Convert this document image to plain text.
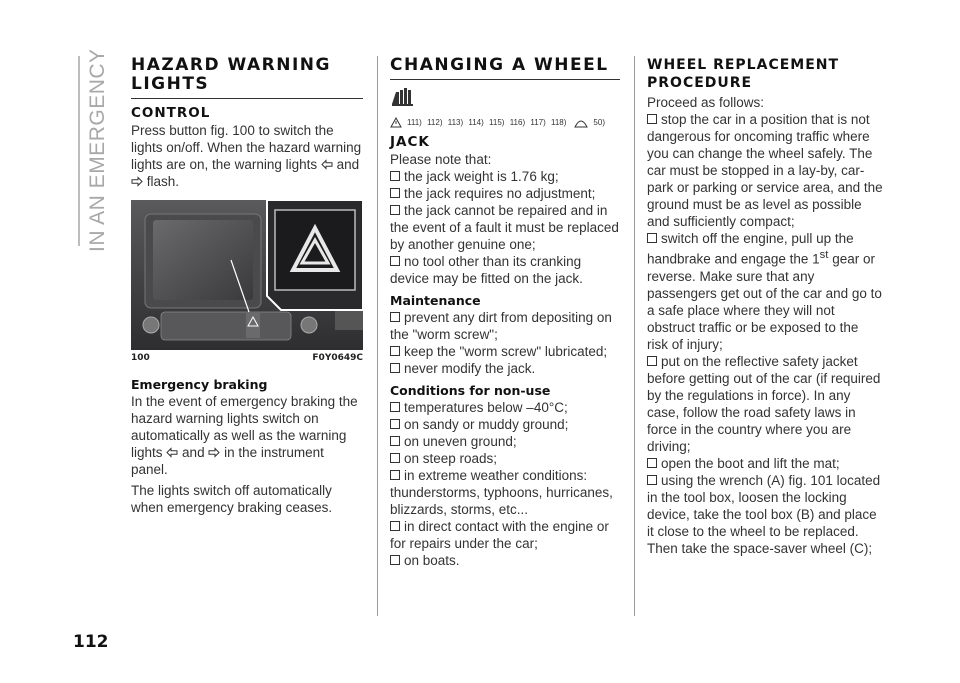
IN AN EMERGENCY
112
HAZARD WARNING LIGHTS
CONTROL

Press button fig. 100 to switch the lights on/off. When the hazard warning lights are on, the warning lights and
flash.

100	F0Y0649C
Emergency braking

In the event of emergency braking the hazard warning lights switch on automatically as well as the warning lights and in the instrument panel.

The lights switch off automatically when emergency braking ceases.

CHANGING A WHEEL
111) 112) 113) 114) 115) 116) 117) 118)	50)
JACK

Please note that:

the jack weight is 1.76 kg;
the jack requires no adjustment;
the jack cannot be repaired and in the event of a fault it must be replaced by another genuine one;
no tool other than its cranking device may be fitted on the jack.
Maintenance
prevent any dirt from depositing on the "worm screw";
keep the "worm screw" lubricated;
never modify the jack.
Conditions for non-use
temperatures below –40°C;
on sandy or muddy ground;
on uneven ground;
on steep roads;
in extreme weather conditions: thunderstorms, typhoons, hurricanes, blizzards, storms, etc...
in direct contact with the engine or for repairs under the car;
on boats.
WHEEL REPLACEMENT PROCEDURE

Proceed as follows:

stop the car in a position that is not dangerous for oncoming traffic where you can change the wheel safely. The car must be stopped in a lay-by, car-park or parking or service area, and the ground must be as level as possible and sufficiently compact;
switch off the engine, pull up the handbrake and engage the 1st gear or reverse. Make sure that any passengers get out of the car and go to a safe place where they will not obstruct traffic or be exposed to the risk of injury;
put on the reflective safety jacket before getting out of the car (if required by the regulations in force). In any case, follow the road safety laws in force in the country where you are driving;
open the boot and lift the mat;
using the wrench (A) fig. 101 located in the tool box, loosen the locking device, take the tool box (B) and place it close to the wheel to be replaced. Then take the space-saver wheel (C);
